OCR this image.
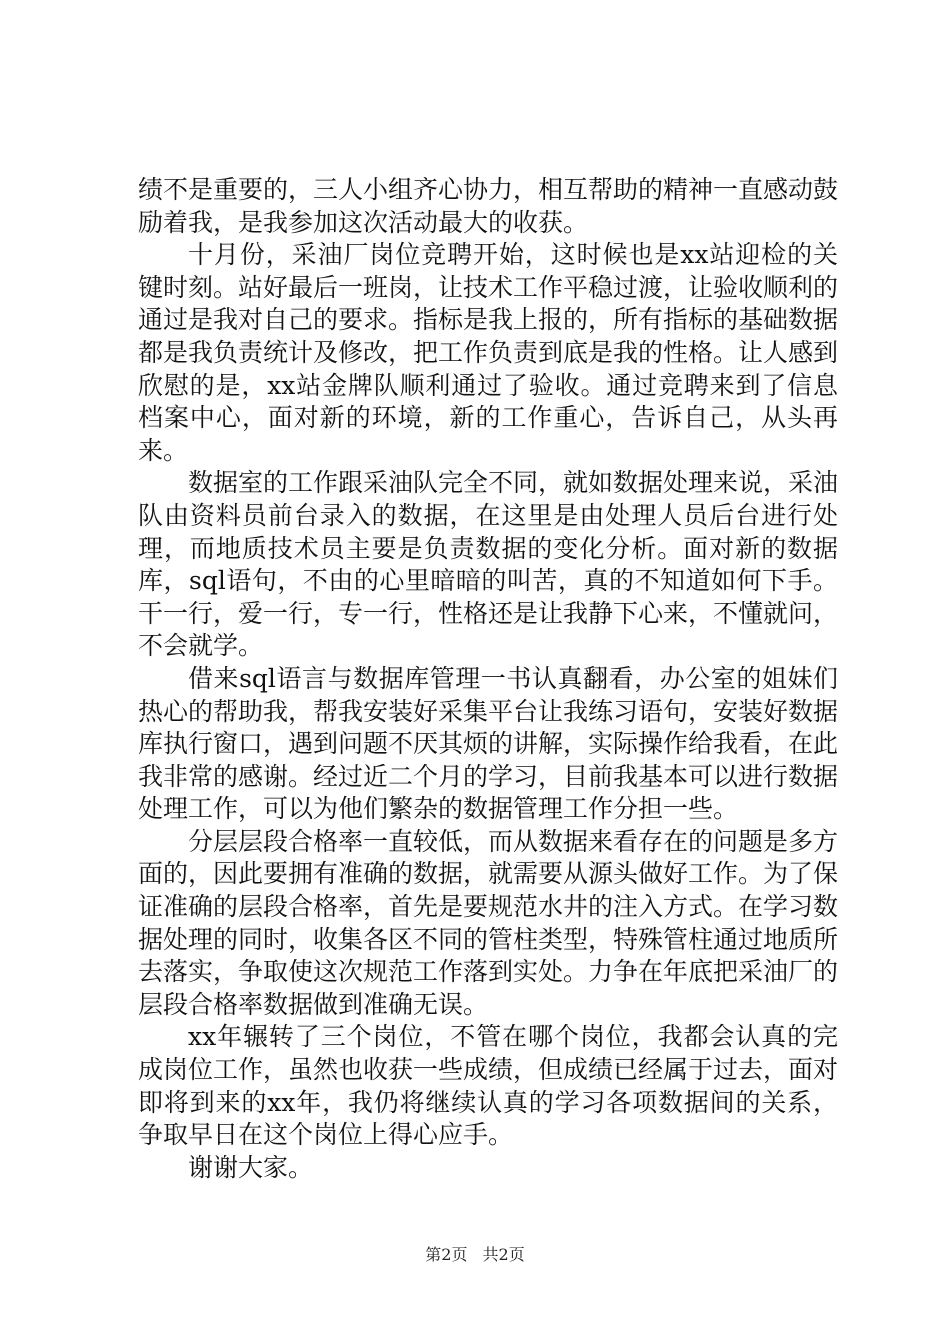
绩不是重要的，三人小组齐心协力，相互帮助的精神一直感动鼓励着我，是我参加这次活动最大的收获。

十月份，采油厂岗位竞聘开始，这时候也是xx站迎检的关键时刻。站好最后一班岗，让技术工作平稳过渡，让验收顺利的通过是我对自己的要求。指标是我上报的，所有指标的基础数据都是我负责统计及修改，把工作负责到底是我的性格。让人感到欣慰的是，xx站金牌队顺利通过了验收。通过竞聘来到了信息档案中心，面对新的环境，新的工作重心，告诉自己，从头再来。

数据室的工作跟采油队完全不同，就如数据处理来说，采油队由资料员前台录入的数据，在这里是由处理人员后台进行处理，而地质技术员主要是负责数据的变化分析。面对新的数据库，sql语句，不由的心里暗暗的叫苦，真的不知道如何下手。干一行，爱一行，专一行，性格还是让我静下心来，不懂就问，不会就学。

借来sql语言与数据库管理一书认真翻看，办公室的姐妹们热心的帮助我，帮我安装好采集平台让我练习语句，安装好数据库执行窗口，遇到问题不厌其烦的讲解，实际操作给我看，在此我非常的感谢。经过近二个月的学习，目前我基本可以进行数据处理工作，可以为他们繁杂的数据管理工作分担一些。

分层层段合格率一直较低，而从数据来看存在的问题是多方面的，因此要拥有准确的数据，就需要从源头做好工作。为了保证准确的层段合格率，首先是要规范水井的注入方式。在学习数据处理的同时，收集各区不同的管柱类型，特殊管柱通过地质所去落实，争取使这次规范工作落到实处。力争在年底把采油厂的层段合格率数据做到准确无误。

xx年辗转了三个岗位，不管在哪个岗位，我都会认真的完成岗位工作，虽然也收获一些成绩，但成绩已经属于过去，面对即将到来的xx年，我仍将继续认真的学习各项数据间的关系，争取早日在这个岗位上得心应手。

谢谢大家。

第2页 共2页
